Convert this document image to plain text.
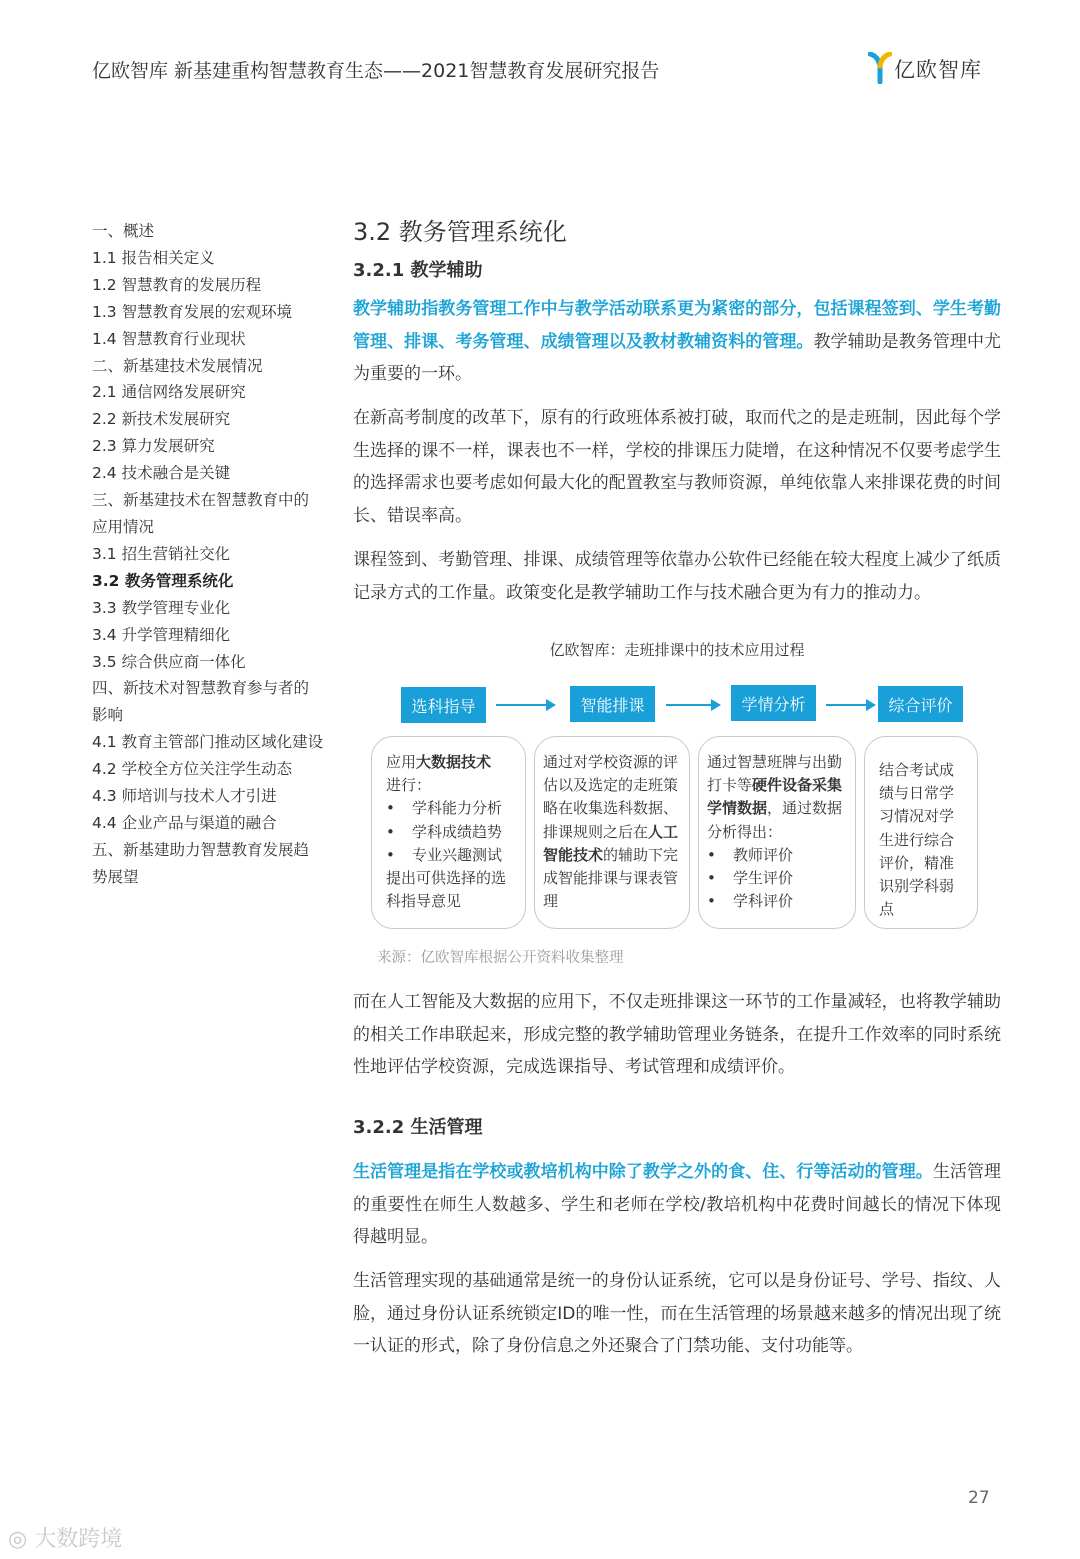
亿欧智库 新基建重构智慧教育生态——2021智慧教育发展研究报告	亿欧智库
一、概述
1.1 报告相关定义
1.2 智慧教育的发展历程
1.3 智慧教育发展的宏观环境
1.4 智慧教育行业现状
二、新基建技术发展情况
2.1 通信网络发展研究
2.2 新技术发展研究
2.3 算力发展研究
2.4 技术融合是关键
三、新基建技术在智慧教育中的应用情况
3.1 招生营销社交化
3.2 教务管理系统化
3.3 教学管理专业化
3.4 升学管理精细化
3.5 综合供应商一体化
四、新技术对智慧教育参与者的影响
4.1 教育主管部门推动区域化建设
4.2 学校全方位关注学生动态
4.3 师培训与技术人才引进
4.4 企业产品与渠道的融合
五、新基建助力智慧教育发展趋势展望
3.2 教务管理系统化
3.2.1 教学辅助
教学辅助指教务管理工作中与教学活动联系更为紧密的部分，包括课程签到、学生考勤管理、排课、考务管理、成绩管理以及教材教辅资料的管理。教学辅助是教务管理中尤为重要的一环。
在新高考制度的改革下，原有的行政班体系被打破，取而代之的是走班制，因此每个学生选择的课不一样，课表也不一样，学校的排课压力陡增，在这种情况不仅要考虑学生的选择需求也要考虑如何最大化的配置教室与教师资源，单纯依靠人来排课花费的时间长、错误率高。
课程签到、考勤管理、排课、成绩管理等依靠办公软件已经能在较大程度上减少了纸质记录方式的工作量。政策变化是教学辅助工作与技术融合更为有力的推动力。
亿欧智库：走班排课中的技术应用过程
选科指导	智能排课	学情分析	综合评价
应用大数据技术
进行：
• 学科能力分析
• 学科成绩趋势
• 专业兴趣测试
提出可供选择的选科指导意见
通过对学校资源的评估以及选定的走班策略在收集选科数据、排课规则之后在人工智能技术的辅助下完成智能排课与课表管理
通过智慧班牌与出勤打卡等硬件设备采集学情数据，通过数据分析得出：
• 教师评价
• 学生评价
• 学科评价
结合考试成绩与日常学习情况对学生进行综合评价，精准识别学科弱点
来源：亿欧智库根据公开资料收集整理
而在人工智能及大数据的应用下，不仅走班排课这一环节的工作量减轻，也将教学辅助的相关工作串联起来，形成完整的教学辅助管理业务链条，在提升工作效率的同时系统性地评估学校资源，完成选课指导、考试管理和成绩评价。
3.2.2 生活管理
生活管理是指在学校或教培机构中除了教学之外的食、住、行等活动的管理。生活管理的重要性在师生人数越多、学生和老师在学校/教培机构中花费时间越长的情况下体现得越明显。
生活管理实现的基础通常是统一的身份认证系统，它可以是身份证号、学号、指纹、人脸，通过身份认证系统锁定ID的唯一性，而在生活管理的场景越来越多的情况出现了统一认证的形式，除了身份信息之外还聚合了门禁功能、支付功能等。
27
◎ 大数跨境
